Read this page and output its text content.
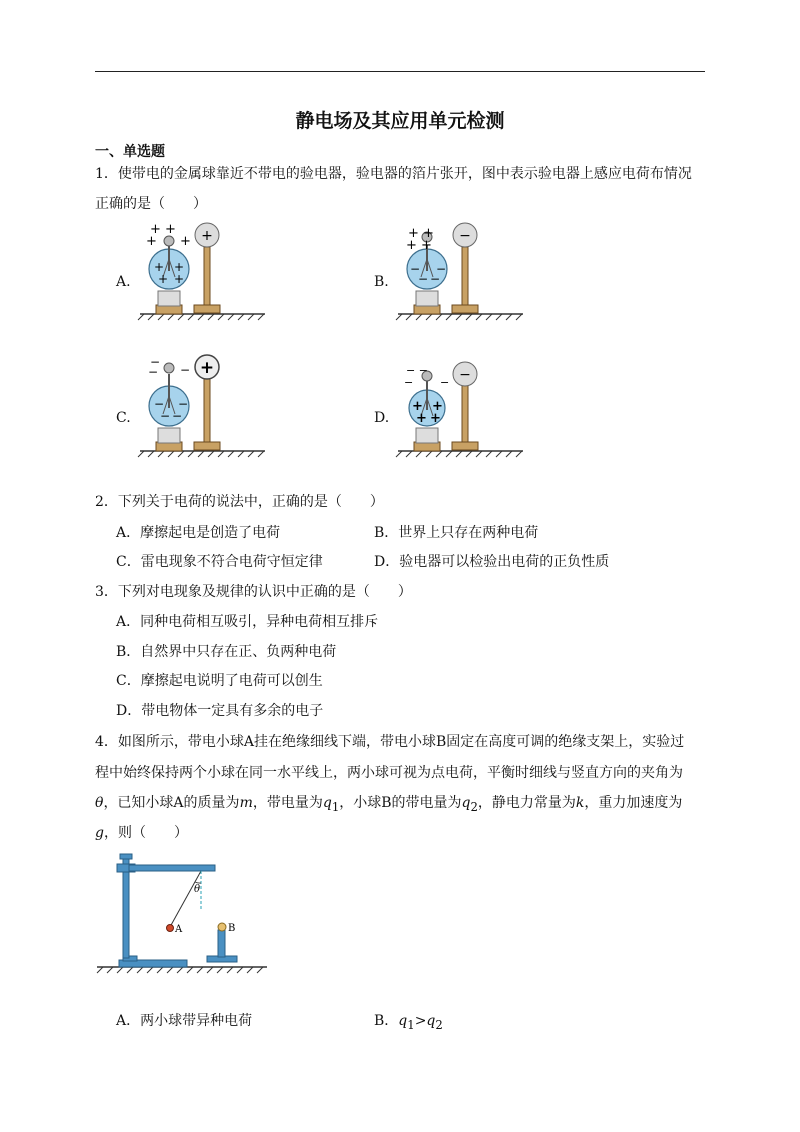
静电场及其应用单元检测
一、单选题
1．使带电的金属球靠近不带电的验电器，验电器的箔片张开，图中表示验电器上感应电荷布情况
正确的是（　　）
A.	B.
C.	D.
+ +
+ +
+ +
+ +
+	+ +
+ +
− −
− −
−
−
− −
− −
− −
+	− −
− −
+ +
+ +
−
2．下列关于电荷的说法中，正确的是（　　）
A．摩擦起电是创造了电荷	B．世界上只存在两种电荷
C．雷电现象不符合电荷守恒定律	D．验电器可以检验出电荷的正负性质
3．下列对电现象及规律的认识中正确的是（　　）
A．同种电荷相互吸引，异种电荷相互排斥
B．自然界中只存在正、负两种电荷
C．摩擦起电说明了电荷可以创生
D．带电物体一定具有多余的电子
4．如图所示，带电小球A挂在绝缘细线下端，带电小球B固定在高度可调的绝缘支架上，实验过
程中始终保持两个小球在同一水平线上，两小球可视为点电荷，平衡时细线与竖直方向的夹角为
θ，已知小球A的质量为m，带电量为$q_1$，小球B的带电量为$q_2$，静电力常量为k，重力加速度为
g，则（　　）
θ
A	B
A．两小球带异种电荷	B．$q_1>q_2$
